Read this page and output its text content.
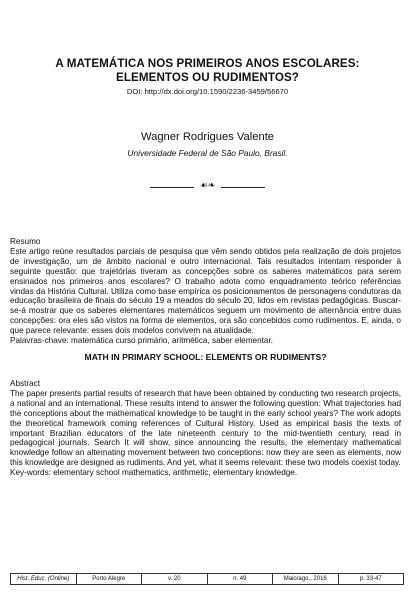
A MATEMÁTICA NOS PRIMEIROS ANOS ESCOLARES:
ELEMENTOS OU RUDIMENTOS?
DOI: http://dx.doi.org/10.1590/2236-3459/56670
Wagner Rodrigues Valente
Universidade Federal de São Paulo, Brasil.
☙❧

Resumo

Este artigo reúne resultados parciais de pesquisa que vêm sendo obtidos pela realização de dois projetos de investigação, um de âmbito nacional e outro internacional. Tais resultados intentam responder à seguinte questão: que trajetórias tiveram as concepções sobre os saberes matemáticos para serem ensinados nos primeiros anos escolares? O trabalho adota como enquadramento teórico referências vindas da História Cultural. Utiliza como base empírica os posicionamentos de personagens condutoras da educação brasileira de finais do século 19 a meados do século 20, lidos em revistas pedagógicas. Buscar-se-á mostrar que os saberes elementares matemáticos seguem um movimento de alternância entre duas concepções: ora eles são vistos na forma de elementos, ora são concebidos como rudimentos. E, ainda, o que parece relevante: esses dois modelos convivem na atualidade.

Palavras-chave: matemática curso primário, aritmética, saber elementar.

MATH IN PRIMARY SCHOOL: ELEMENTS OR RUDIMENTS?

Abstract

The paper presents partial results of research that have been obtained by conducting two research projects, a national and an international. These results intend to answer the following question: What trajectories had the conceptions about the mathematical knowledge to be taught in the early school years? The work adopts the theoretical framework coming references of Cultural History. Used as empirical basis the texts of important Brazilian educators of the late nineteenth century to the mid-twentieth century, read in pedagogical journals. Search It will show, since announcing the results, the elementary mathematical knowledge follow an alternating movement between two conceptions: now they are seen as elements, now this knowledge are designed as rudiments. And yet, what it seems relevant: these two models coexist today.

Key-words: elementary school mathematics, arithmetic, elementary knowledge.

Hist. Educ. (Online)	Porto Alegre	v. 20	n. 49	Maio/ago., 2016	p. 33-47
